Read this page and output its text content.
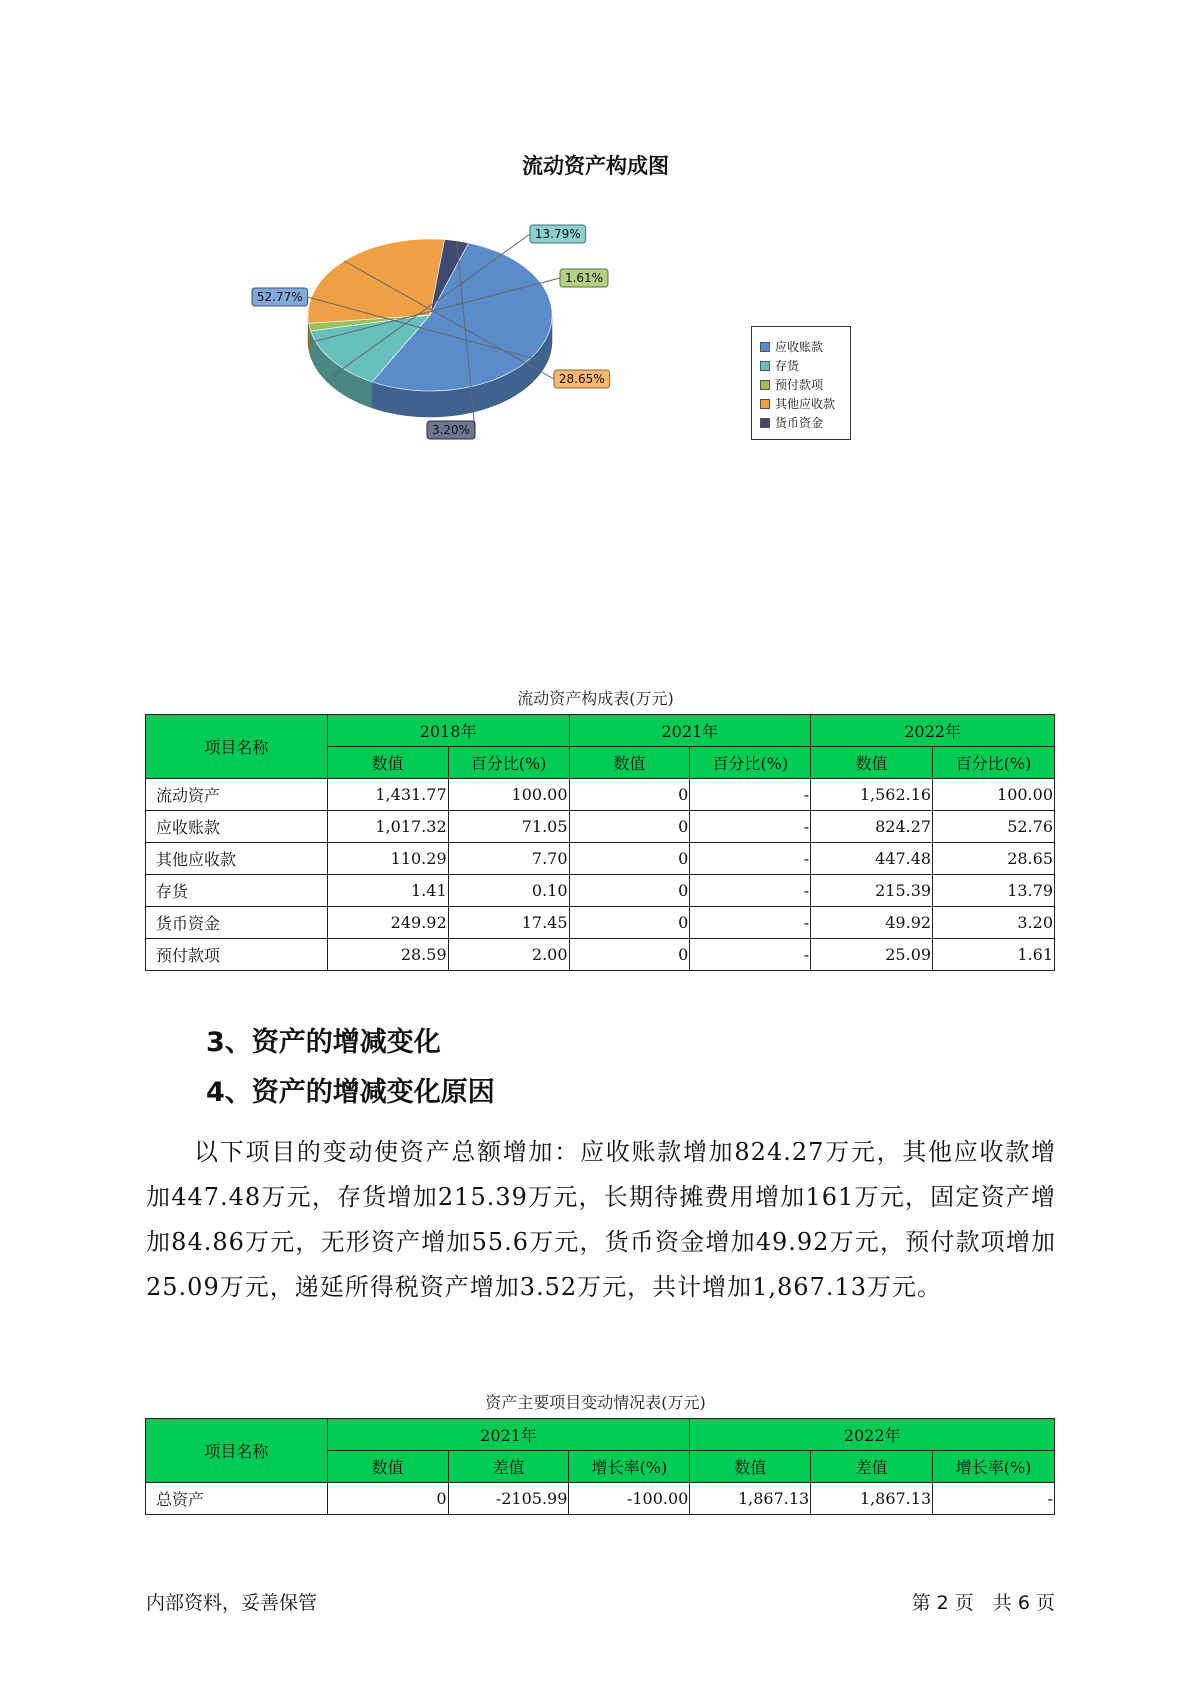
流动资产构成图
52.77%
13.79%
1.61%
28.65%
3.20%
应收账款
存货
预付款项
其他应收款
货币资金
流动资产构成表(万元)
项目名称	2018年		2021年		2022年	
	数值	百分比(%)	数值	百分比(%)	数值	百分比(%)
流动资产	1,431.77	100.00	0	-	1,562.16	100.00
应收账款	1,017.32	71.05	0	-	824.27	52.76
其他应收款	110.29	7.70	0	-	447.48	28.65
存货	1.41	0.10	0	-	215.39	13.79
货币资金	249.92	17.45	0	-	49.92	3.20
预付款项	28.59	2.00	0	-	25.09	1.61
3、资产的增减变化
4、资产的增减变化原因
以下项目的变动使资产总额增加：应收账款增加824.27万元，其他应收款增加447.48万元，存货增加215.39万元，长期待摊费用增加161万元，固定资产增加84.86万元，无形资产增加55.6万元，货币资金增加49.92万元，预付款项增加25.09万元，递延所得税资产增加3.52万元，共计增加1,867.13万元。
资产主要项目变动情况表(万元)
项目名称	2021年			2022年		
	数值	差值	增长率(%)	数值	差值	增长率(%)
总资产	0	-2105.99	-100.00	1,867.13	1,867.13	-
内部资料，妥善保管	第 2 页　共 6 页
